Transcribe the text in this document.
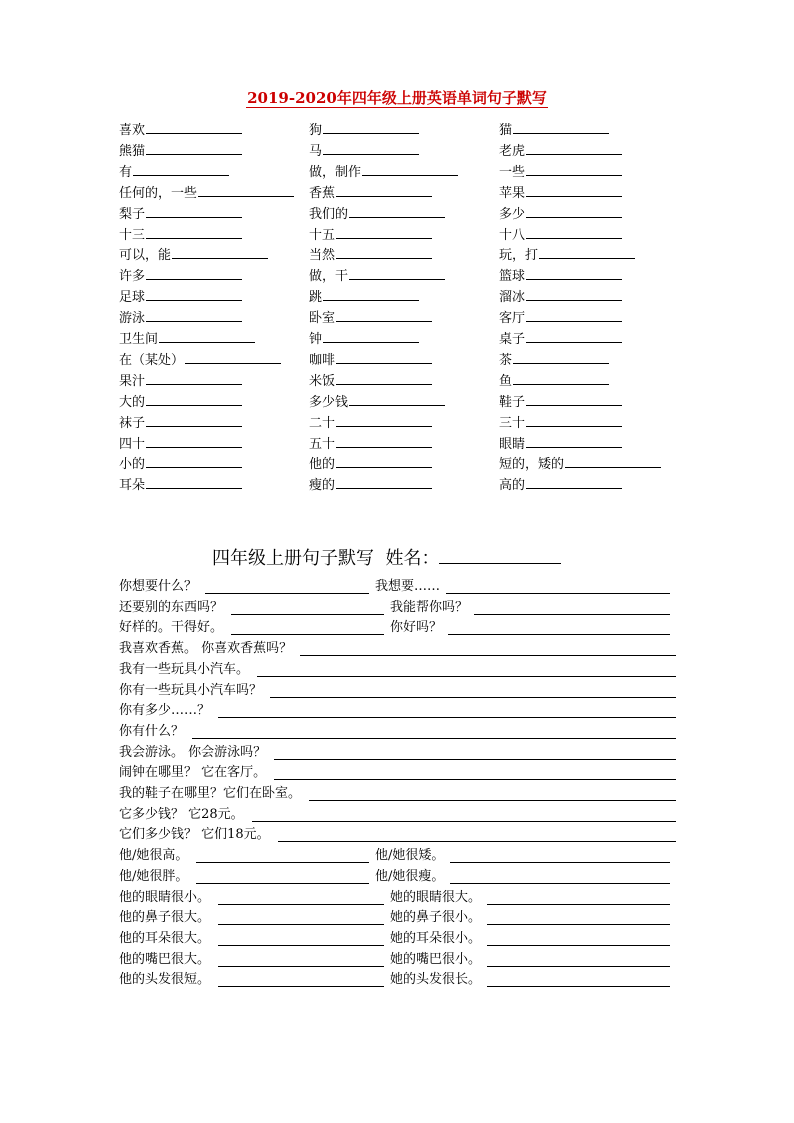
2019-2020年四年级上册英语单词句子默写
喜欢	狗	猫
熊猫	马	老虎
有	做，制作	一些
任何的，一些	香蕉	苹果
梨子	我们的	多少
十三	十五	十八
可以，能	当然	玩，打
许多	做，干	篮球
足球	跳	溜冰
游泳	卧室	客厅
卫生间	钟	桌子
在（某处）	咖啡	茶
果汁	米饭	鱼
大的	多少钱	鞋子
袜子	二十	三十
四十	五十	眼睛
小的	他的	短的，矮的
耳朵	瘦的	高的
四年级上册句子默写 姓名：
你想要什么？	我想要……
还要别的东西吗？	我能帮你吗？
好样的。干得好。	你好吗？
我喜欢香蕉。 你喜欢香蕉吗？
我有一些玩具小汽车。
你有一些玩具小汽车吗？
你有多少……？
你有什么？
我会游泳。 你会游泳吗？
闹钟在哪里？ 它在客厅。
我的鞋子在哪里？它们在卧室。
它多少钱？ 它28元。
它们多少钱？ 它们18元。
他/她很高。	他/她很矮。
他/她很胖。	他/她很瘦。
他的眼睛很小。	她的眼睛很大。
他的鼻子很大。	她的鼻子很小。
他的耳朵很大。	她的耳朵很小。
他的嘴巴很大。	她的嘴巴很小。
他的头发很短。	她的头发很长。
